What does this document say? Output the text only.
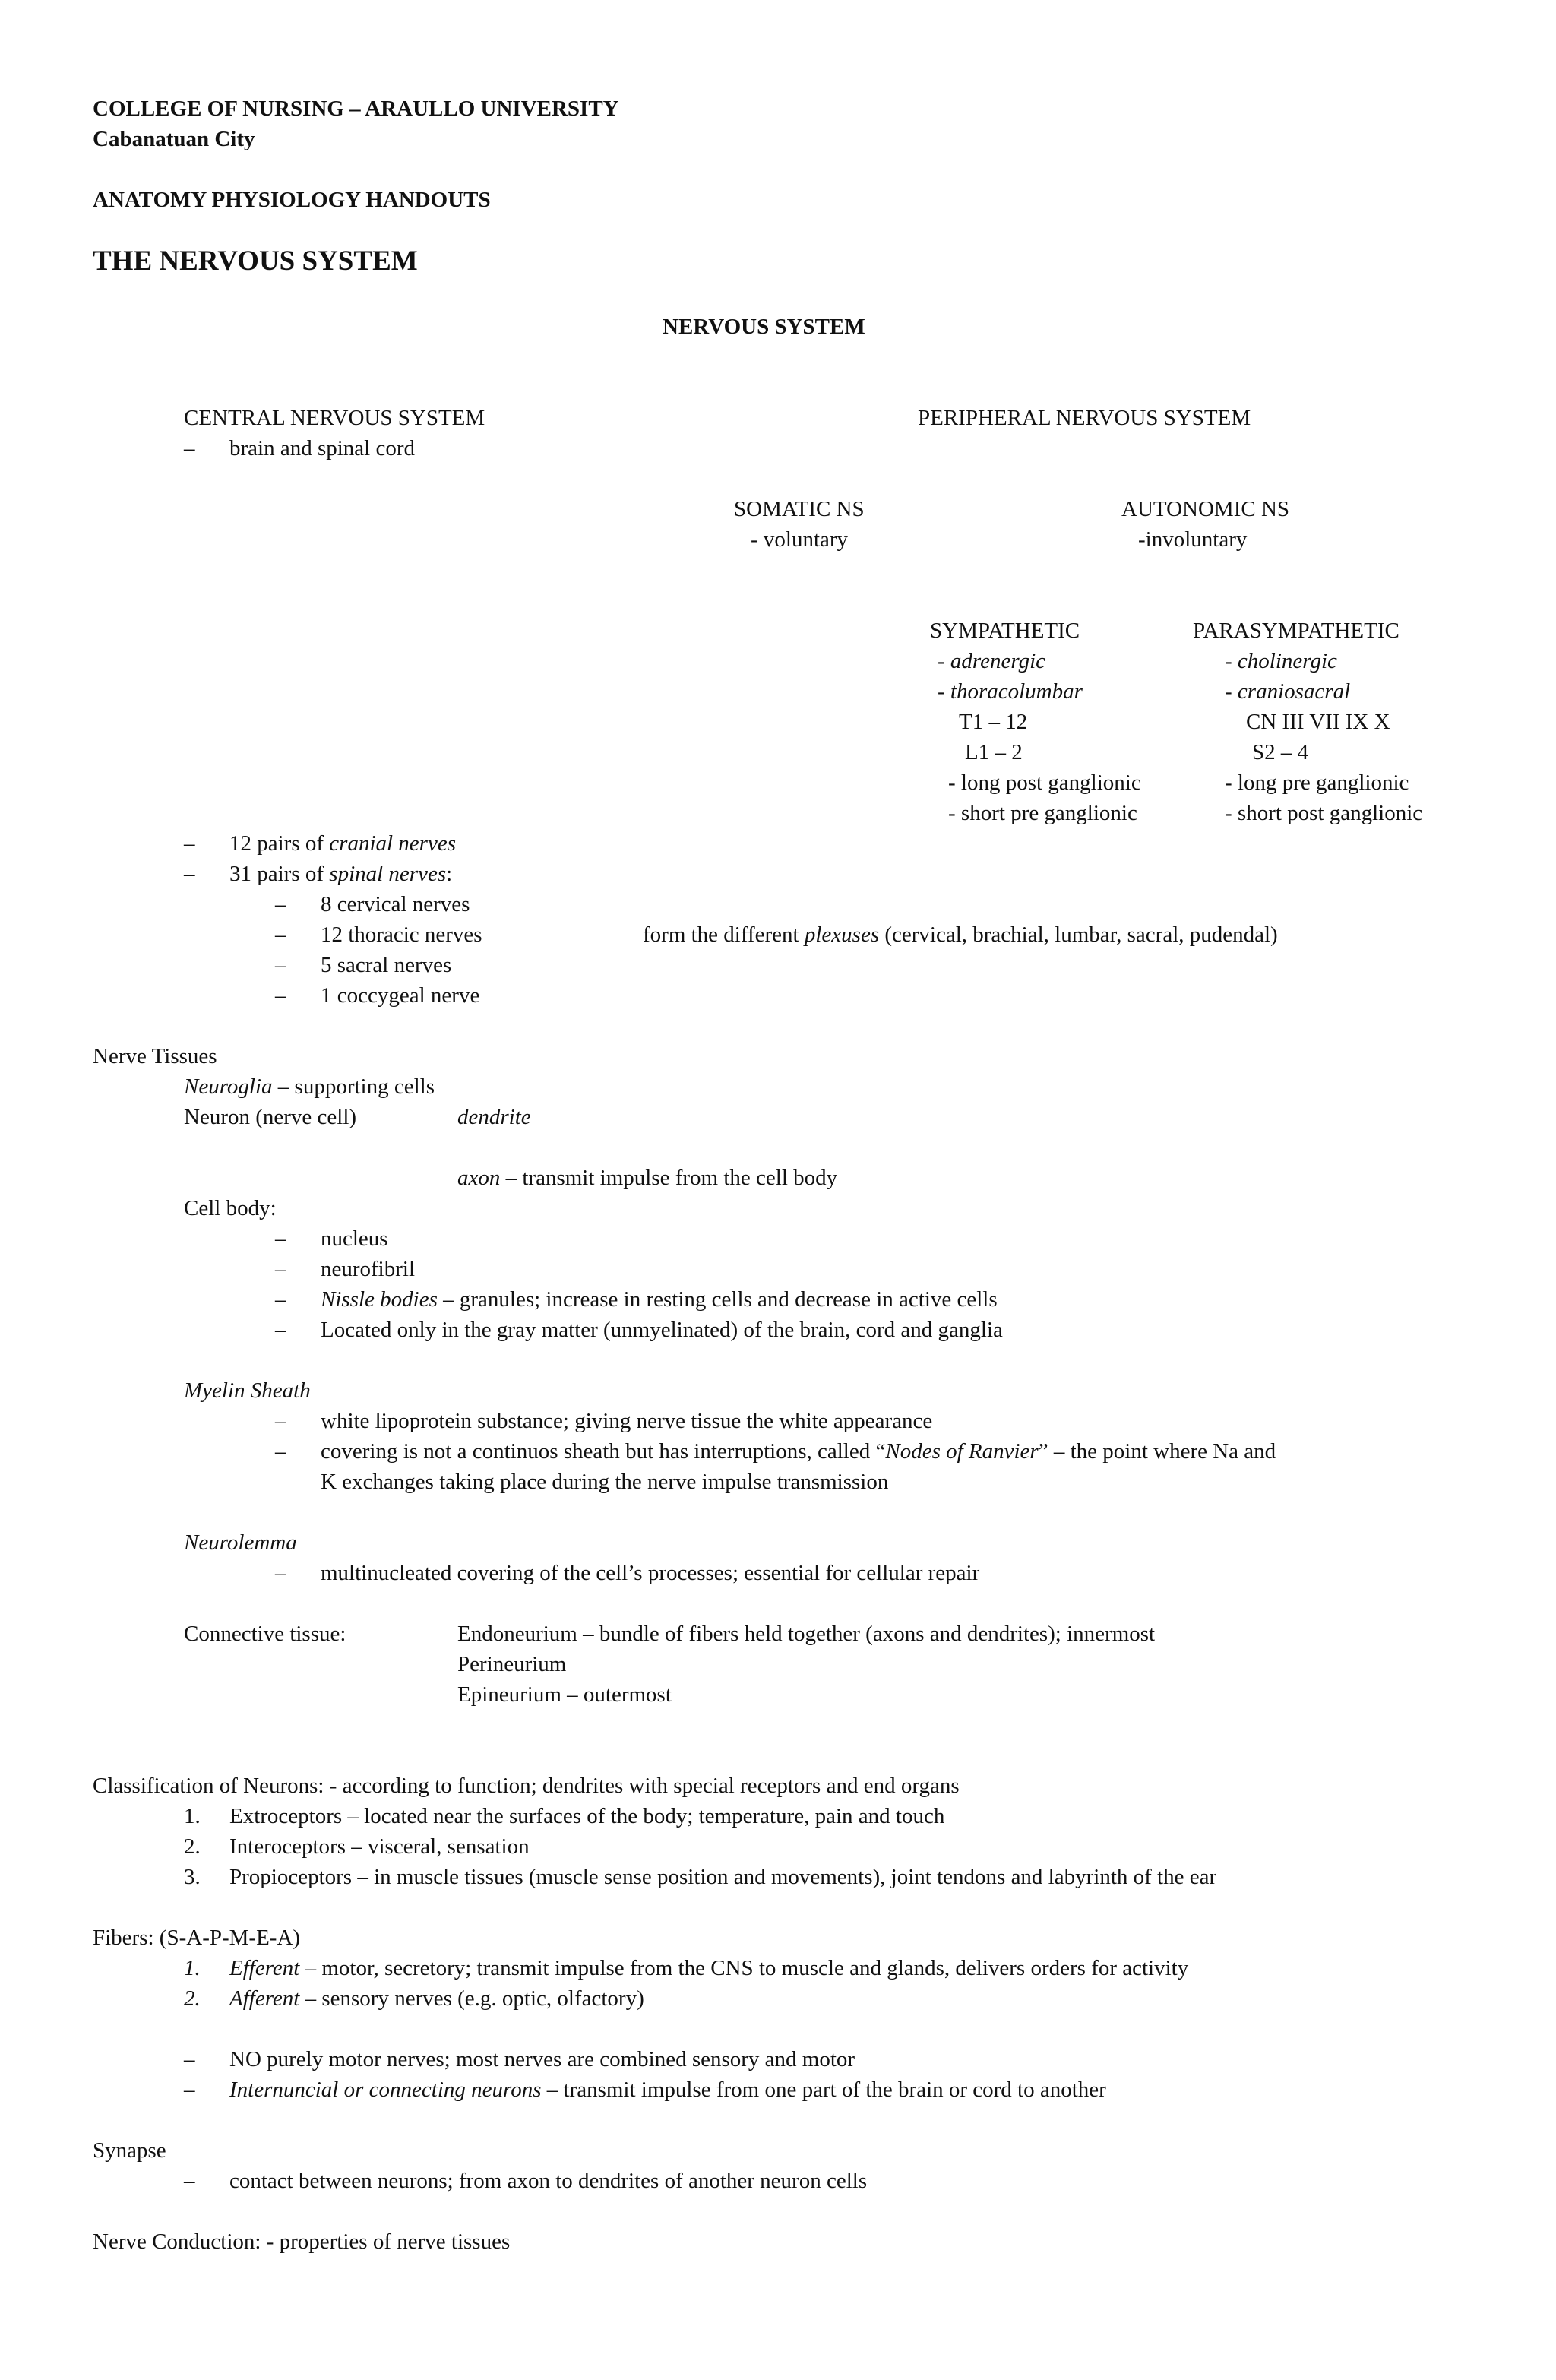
COLLEGE OF NURSING – ARAULLO UNIVERSITY
Cabanatuan City
ANATOMY PHYSIOLOGY HANDOUTS
THE NERVOUS SYSTEM
NERVOUS SYSTEM
CENTRAL NERVOUS SYSTEM
– brain and spinal cord
PERIPHERAL NERVOUS SYSTEM
SOMATIC NS
- voluntary
AUTONOMIC NS
-involuntary
SYMPATHETIC
- adrenergic
- thoracolumbar
T1 – 12
L1 – 2
- long post ganglionic
- short pre ganglionic
PARASYMPATHETIC
- cholinergic
- craniosacral
CN III VII IX X
S2 – 4
- long pre ganglionic
- short post ganglionic
– 12 pairs of cranial nerves
– 31 pairs of spinal nerves:
– 8 cervical nerves
– 12 thoracic nerves
– 5 sacral nerves
– 1 coccygeal nerve
form the different plexuses (cervical, brachial, lumbar, sacral, pudendal)
Nerve Tissues
Neuroglia – supporting cells
Neuron (nerve cell)	dendrite
axon – transmit impulse from the cell body
Cell body:
– nucleus
– neurofibril
– Nissle bodies – granules; increase in resting cells and decrease in active cells
– Located only in the gray matter (unmyelinated) of the brain, cord and ganglia
Myelin Sheath
– white lipoprotein substance; giving nerve tissue the white appearance
– covering is not a continuos sheath but has interruptions, called “Nodes of Ranvier” – the point where Na and
K exchanges taking place during the nerve impulse transmission
Neurolemma
– multinucleated covering of the cell’s processes; essential for cellular repair
Connective tissue:	Endoneurium – bundle of fibers held together (axons and dendrites); innermost
Perineurium
Epineurium – outermost
Classification of Neurons: - according to function; dendrites with special receptors and end organs
1. Extroceptors – located near the surfaces of the body; temperature, pain and touch
2. Interoceptors – visceral, sensation
3. Propioceptors – in muscle tissues (muscle sense position and movements), joint tendons and labyrinth of the ear
Fibers: (S-A-P-M-E-A)
1. Efferent – motor, secretory; transmit impulse from the CNS to muscle and glands, delivers orders for activity
2. Afferent – sensory nerves (e.g. optic, olfactory)
– NO purely motor nerves; most nerves are combined sensory and motor
– Internuncial or connecting neurons – transmit impulse from one part of the brain or cord to another
Synapse
– contact between neurons; from axon to dendrites of another neuron cells
Nerve Conduction: - properties of nerve tissues
